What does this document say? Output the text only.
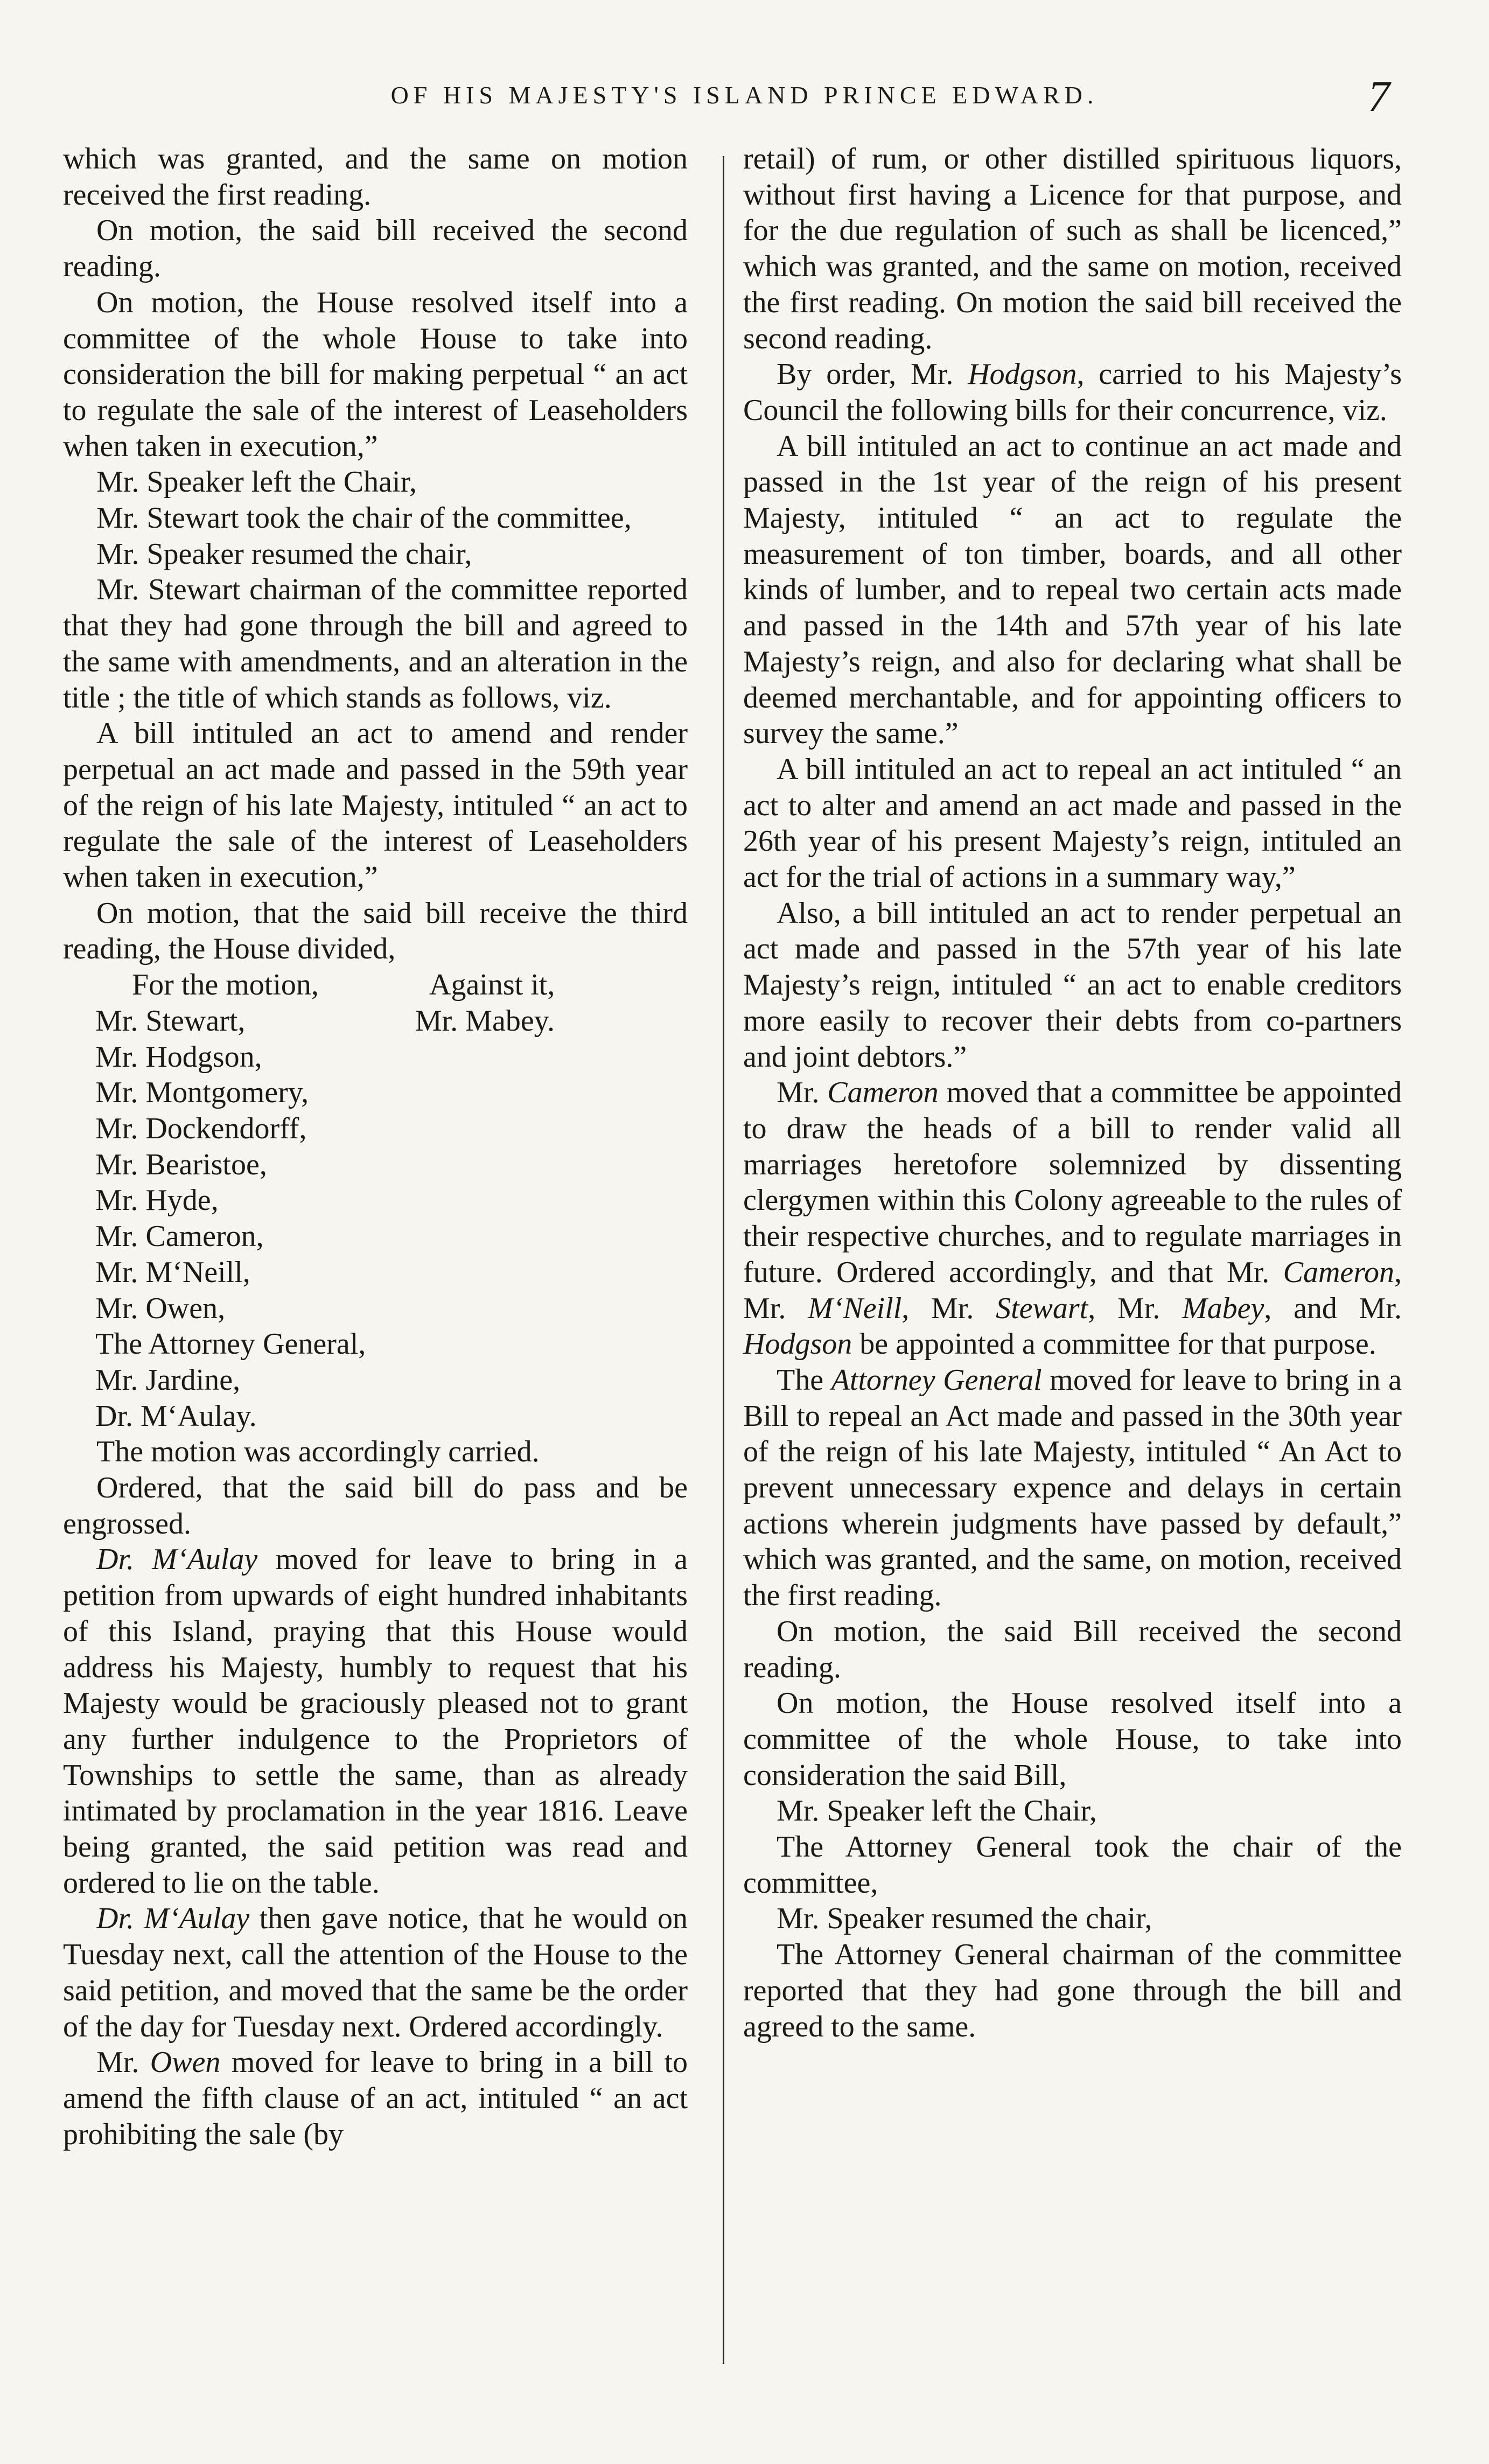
OF HIS MAJESTY'S ISLAND PRINCE EDWARD.	7

which was granted, and the same on motion received the first reading.

On motion, the said bill received the second reading.

On motion, the House resolved itself into a committee of the whole House to take into consideration the bill for making perpetual “ an act to regulate the sale of the interest of Leaseholders when taken in execution,”

Mr. Speaker left the Chair,

Mr. Stewart took the chair of the committee,

Mr. Speaker resumed the chair,

Mr. Stewart chairman of the committee reported that they had gone through the bill and agreed to the same with amendments, and an alteration in the title ; the title of which stands as follows, viz.

A bill intituled an act to amend and render perpetual an act made and passed in the 59th year of the reign of his late Majesty, intituled “ an act to regulate the sale of the interest of Leaseholders when taken in execution,”

On motion, that the said bill receive the third reading, the House divided,

For the motion,	Against it,
Mr. Stewart,
Mr. Hodgson,
Mr. Montgomery,
Mr. Dockendorff,
Mr. Bearistoe,
Mr. Hyde,
Mr. Cameron,
Mr. M‘Neill,
Mr. Owen,
The Attorney General,
Mr. Jardine,
Dr. M‘Aulay.
Mr. Mabey.

The motion was accordingly carried.

Ordered, that the said bill do pass and be engrossed.

Dr. M‘Aulay moved for leave to bring in a petition from upwards of eight hundred inhabitants of this Island, praying that this House would address his Majesty, humbly to request that his Majesty would be graciously pleased not to grant any further indulgence to the Proprietors of Townships to settle the same, than as already intimated by proclamation in the year 1816. Leave being granted, the said petition was read and ordered to lie on the table.

Dr. M‘Aulay then gave notice, that he would on Tuesday next, call the attention of the House to the said petition, and moved that the same be the order of the day for Tuesday next. Ordered accordingly.

Mr. Owen moved for leave to bring in a bill to amend the fifth clause of an act, intituled “ an act prohibiting the sale (by

retail) of rum, or other distilled spirituous liquors, without first having a Licence for that purpose, and for the due regulation of such as shall be licenced,” which was granted, and the same on motion, received the first reading. On motion the said bill received the second reading.

By order, Mr. Hodgson, carried to his Majesty’s Council the following bills for their concurrence, viz.

A bill intituled an act to continue an act made and passed in the 1st year of the reign of his present Majesty, intituled “ an act to regulate the measurement of ton timber, boards, and all other kinds of lumber, and to repeal two certain acts made and passed in the 14th and 57th year of his late Majesty’s reign, and also for declaring what shall be deemed merchantable, and for appointing officers to survey the same.”

A bill intituled an act to repeal an act intituled “ an act to alter and amend an act made and passed in the 26th year of his present Majesty’s reign, intituled an act for the trial of actions in a summary way,”

Also, a bill intituled an act to render perpetual an act made and passed in the 57th year of his late Majesty’s reign, intituled “ an act to enable creditors more easily to recover their debts from co-partners and joint debtors.”

Mr. Cameron moved that a committee be appointed to draw the heads of a bill to render valid all marriages heretofore solemnized by dissenting clergymen within this Colony agreeable to the rules of their respective churches, and to regulate marriages in future. Ordered accordingly, and that Mr. Cameron, Mr. M‘Neill, Mr. Stewart, Mr. Mabey, and Mr. Hodgson be appointed a committee for that purpose.

The Attorney General moved for leave to bring in a Bill to repeal an Act made and passed in the 30th year of the reign of his late Majesty, intituled “ An Act to prevent unnecessary expence and delays in certain actions wherein judgments have passed by default,” which was granted, and the same, on motion, received the first reading.

On motion, the said Bill received the second reading.

On motion, the House resolved itself into a committee of the whole House, to take into consideration the said Bill,

Mr. Speaker left the Chair,

The Attorney General took the chair of the committee,

Mr. Speaker resumed the chair,

The Attorney General chairman of the committee reported that they had gone through the bill and agreed to the same.
